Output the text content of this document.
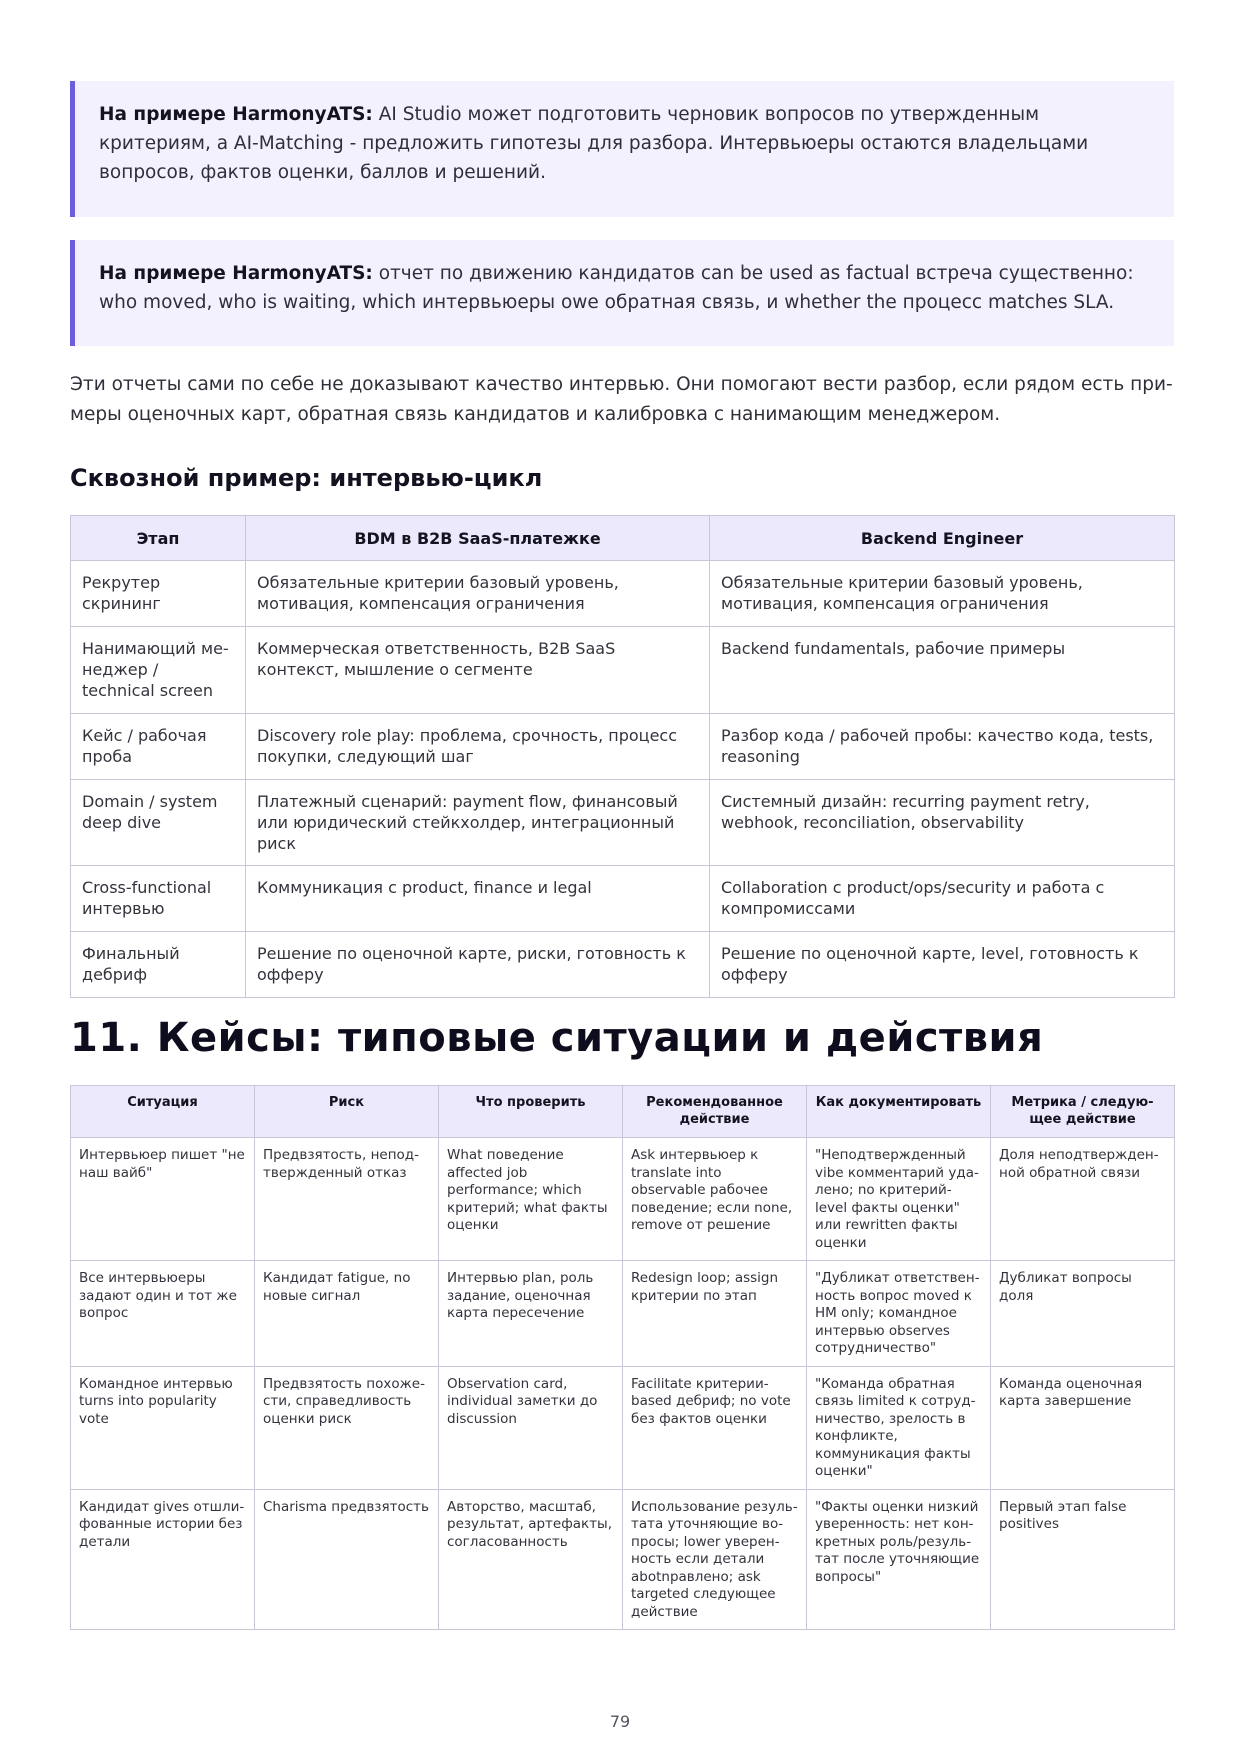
На примере HarmonyATS: AI Studio может подготовить черновик вопросов по утвержденным критериям, а AI-Matching - предложить гипотезы для разбора. Интервьюеры остаются владельцами вопросов, фактов оценки, баллов и решений.
На примере HarmonyATS: отчет по движению кандидатов can be used as factual встреча существенно: who moved, who is waiting, which интервьюеры owe обратная связь, и whether the процесс matches SLA.
Эти отчеты сами по себе не доказывают качество интервью. Они помогают вести разбор, если рядом есть примеры оценочных карт, обратная связь кандидатов и калибровка с нанимающим менеджером.
Сквозной пример: интервью-цикл
Этап	BDM в B2B SaaS-платежке	Backend Engineer
Рекрутер скрининг	Обязательные критерии базовый уровень, мотивация, компенсация ограничения	Обязательные критерии базовый уровень, мотивация, компенсация ограничения
Нанимающий менеджер / technical screen	Коммерческая ответственность, B2B SaaS контекст, мышление о сегменте	Backend fundamentals, рабочие примеры
Кейс / рабочая проба	Discovery role play: проблема, срочность, процесс покупки, следующий шаг	Разбор кода / рабочей пробы: качество кода, tests, reasoning
Domain / system deep dive	Платежный сценарий: payment flow, финансовый или юридический стейкхолдер, интеграционный риск	Системный дизайн: recurring payment retry, webhook, reconciliation, observability
Cross-functional интервью	Коммуникация с product, finance и legal	Collaboration с product/ops/security и работа с компромиссами
Финальный дебриф	Решение по оценочной карте, риски, готовность к офферу	Решение по оценочной карте, level, готовность к офферу
11. Кейсы: типовые ситуации и действия
Ситуация	Риск	Что проверить	Рекомендованное действие	Как документировать	Метрика / следующее действие
Интервьюер пишет "не наш вайб"	Предвзятость, неподтвержденный отказ	What поведение affected job performance; which критерий; what факты оценки	Ask интервьюер к translate into observable рабочее поведение; если none, remove от решение	"Неподтвержденный vibe комментарий удалено; no критерий-level факты оценки" или rewritten факты оценки	Доля неподтвержденной обратной связи
Все интервьюеры задают один и тот же вопрос	Кандидат fatigue, no новые сигнал	Интервью plan, роль задание, оценочная карта пересечение	Redesign loop; assign критерии по этап	"Дубликат ответственность вопрос moved к HM only; командное интервью observes сотрудничество"	Дубликат вопросы доля
Командное интервью turns into popularity vote	Предвзятость похожести, справедливость оценки риск	Observation card, individual заметки до discussion	Facilitate критерии-based дебриф; no vote без фактов оценки	"Команда обратная связь limited к сотрудничество, зрелость в конфликте, коммуникация факты оценки"	Команда оценочная карта завершение
Кандидат gives отшлифованные истории без детали	Charisma предвзятость	Авторство, масштаб, результат, артефакты, согласованность	Использование результата уточняющие вопросы; lower уверенность если детали abotnравлено; ask targeted следующее действие	"Факты оценки низкий уверенность: нет конкретных роль/результат после уточняющие вопросы"	Первый этап false positives
79
